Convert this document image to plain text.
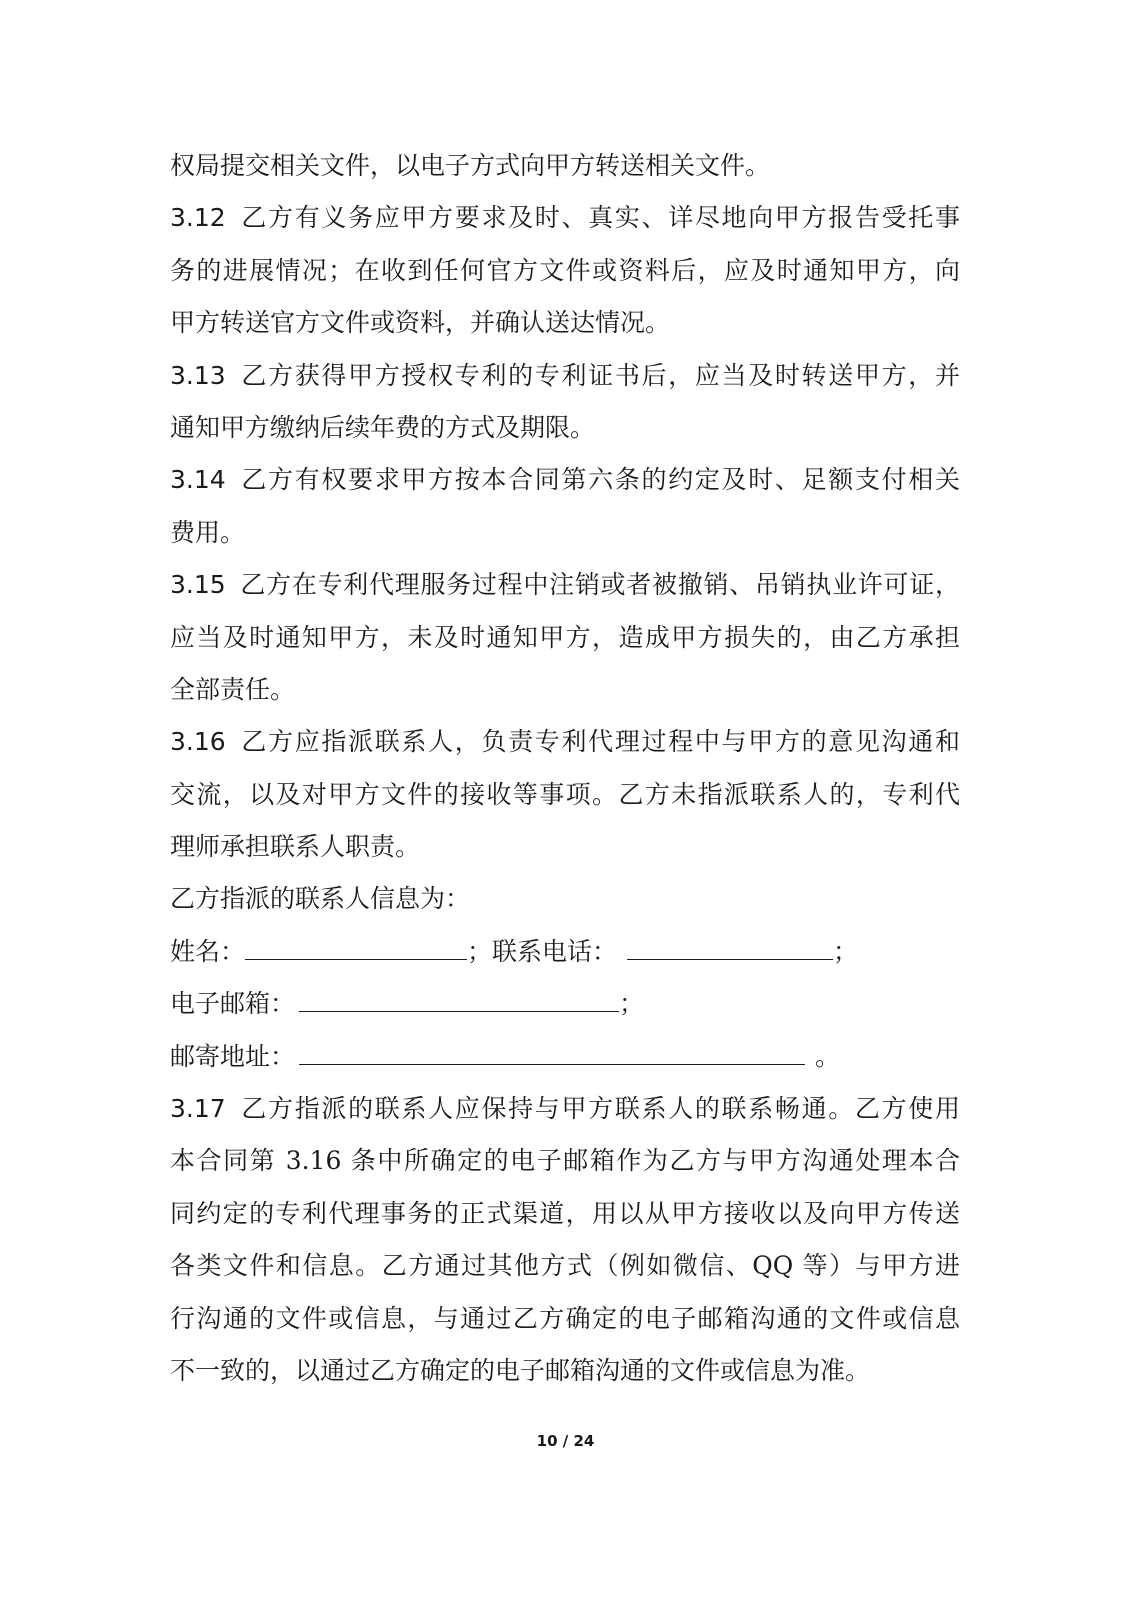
权局提交相关文件，以电子方式向甲方转送相关文件。
3.12 乙方有义务应甲方要求及时、真实、详尽地向甲方报告受托事
务的进展情况；在收到任何官方文件或资料后，应及时通知甲方，向
甲方转送官方文件或资料，并确认送达情况。
3.13 乙方获得甲方授权专利的专利证书后，应当及时转送甲方，并
通知甲方缴纳后续年费的方式及期限。
3.14 乙方有权要求甲方按本合同第六条的约定及时、足额支付相关
费用。
3.15 乙方在专利代理服务过程中注销或者被撤销、吊销执业许可证，
应当及时通知甲方，未及时通知甲方，造成甲方损失的，由乙方承担
全部责任。
3.16 乙方应指派联系人，负责专利代理过程中与甲方的意见沟通和
交流，以及对甲方文件的接收等事项。乙方未指派联系人的，专利代
理师承担联系人职责。
乙方指派的联系人信息为：
姓名：	；联系电话：	；
电子邮箱：	；
邮寄地址：	。
3.17 乙方指派的联系人应保持与甲方联系人的联系畅通。乙方使用
本合同第 3.16 条中所确定的电子邮箱作为乙方与甲方沟通处理本合
同约定的专利代理事务的正式渠道，用以从甲方接收以及向甲方传送
各类文件和信息。乙方通过其他方式（例如微信、QQ 等）与甲方进
行沟通的文件或信息，与通过乙方确定的电子邮箱沟通的文件或信息
不一致的，以通过乙方确定的电子邮箱沟通的文件或信息为准。
10 / 24
